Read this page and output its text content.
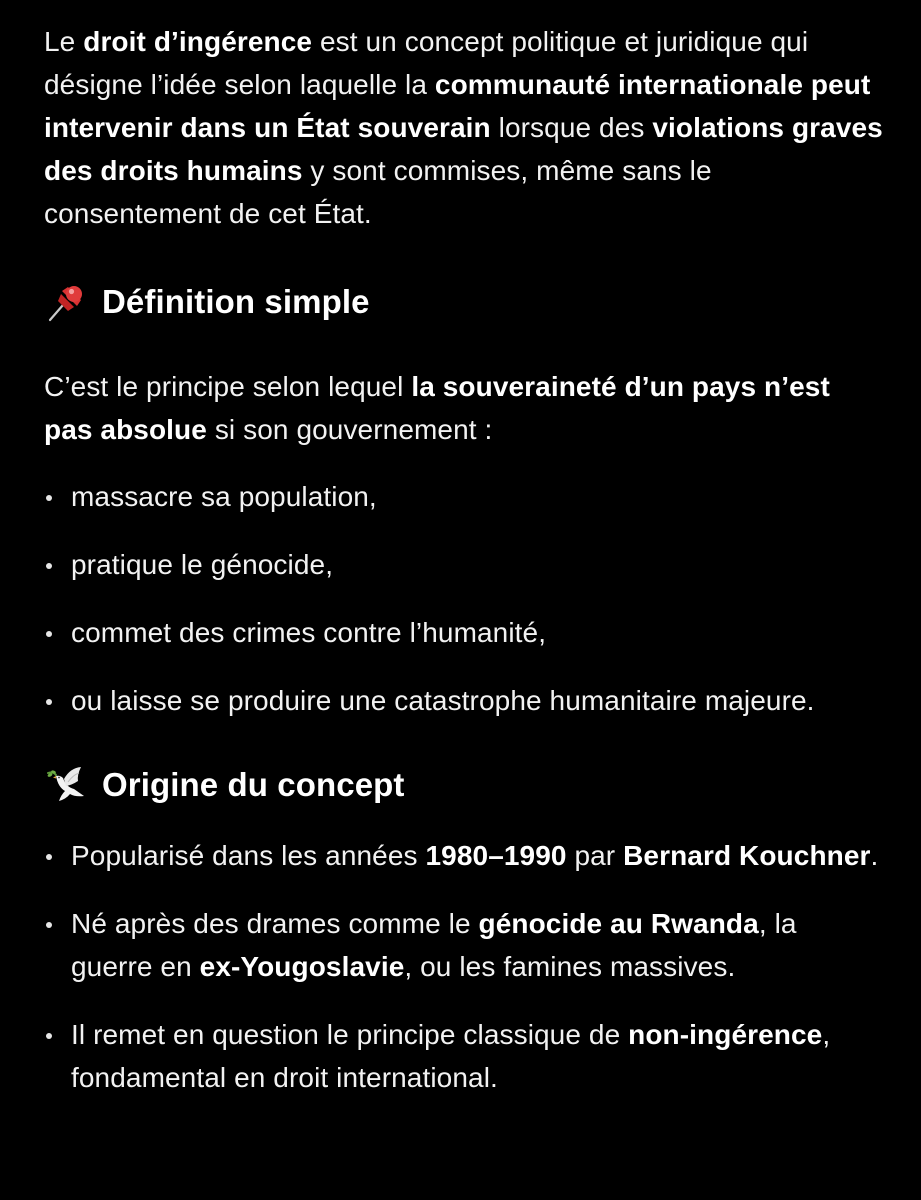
Le droit d’ingérence est un concept politique et juridique qui désigne l’idée selon laquelle la communauté internationale peut intervenir dans un État souverain lorsque des violations graves des droits humains y sont commises, même sans le consentement de cet État.

Définition simple

C’est le principe selon lequel la souveraineté d’un pays n’est pas absolue si son gouvernement :

massacre sa population,
pratique le génocide,
commet des crimes contre l’humanité,
ou laisse se produire une catastrophe humanitaire majeure.
Origine du concept
Popularisé dans les années 1980–1990 par Bernard Kouchner.
Né après des drames comme le génocide au Rwanda, la guerre en ex-Yougoslavie, ou les famines massives.
Il remet en question le principe classique de non-ingérence, fondamental en droit international.
